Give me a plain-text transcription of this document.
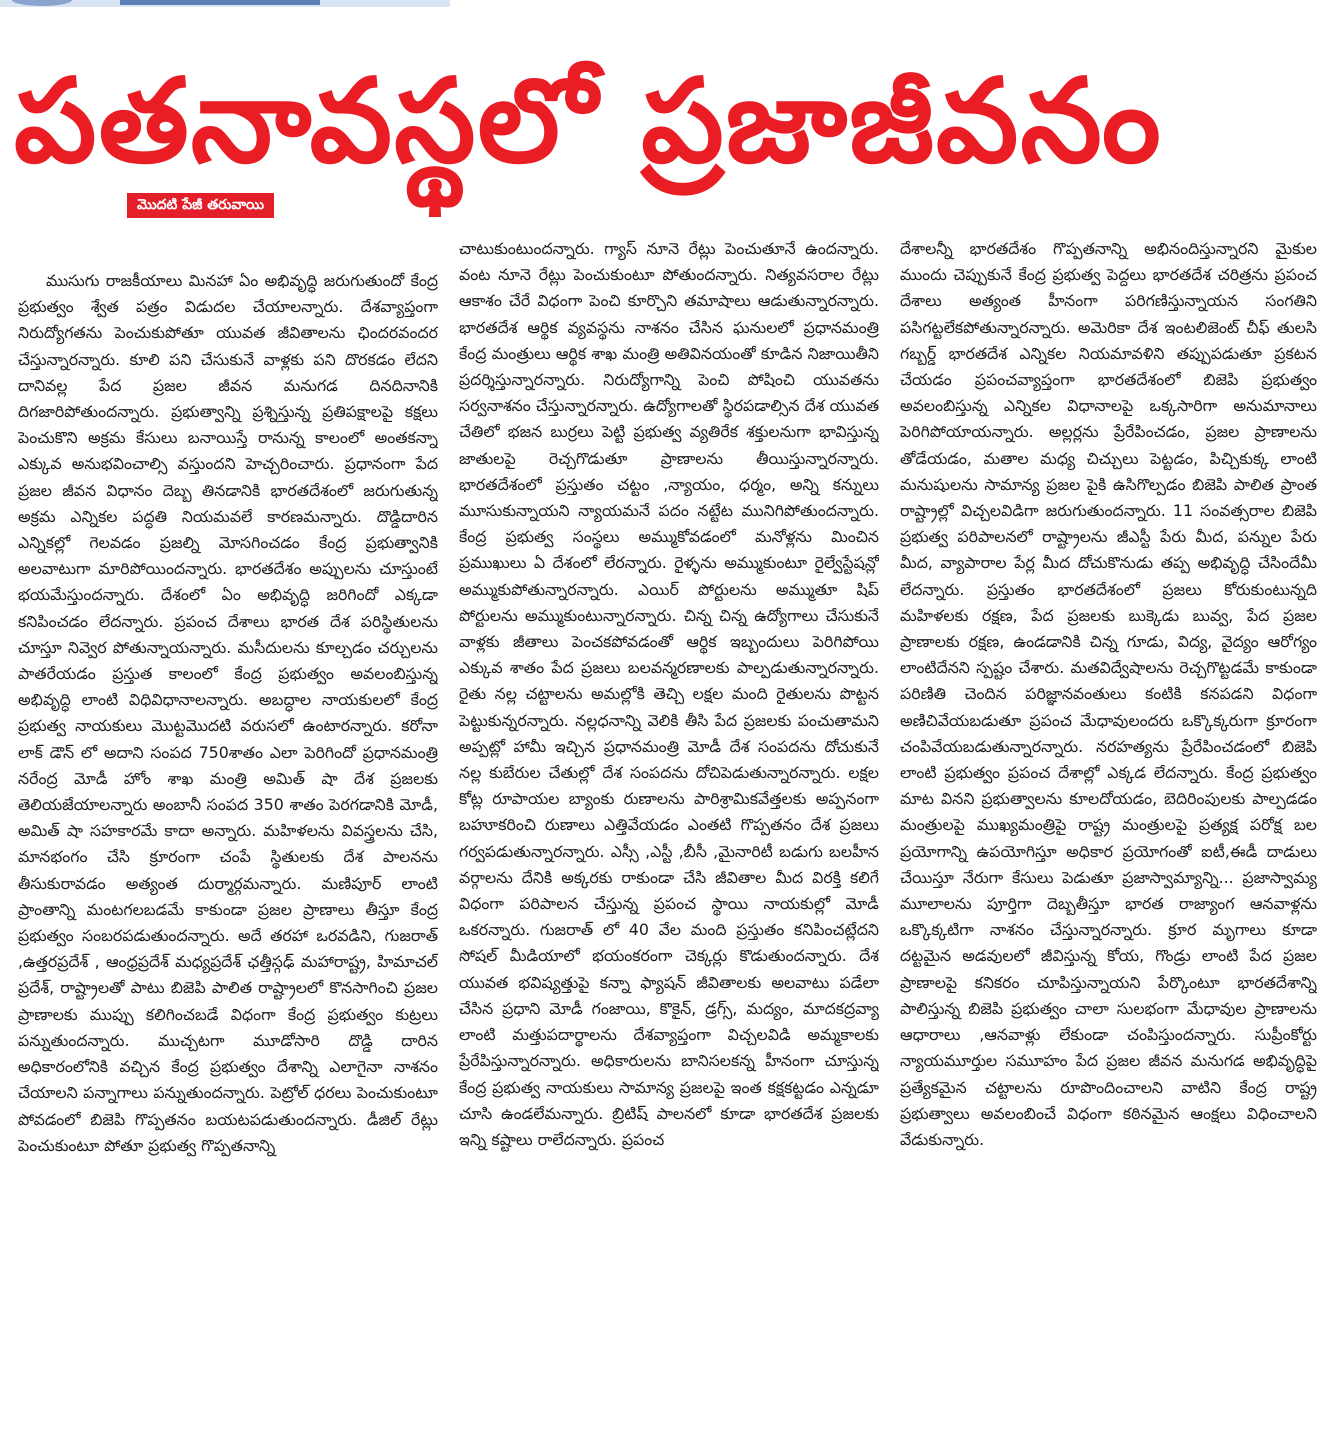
పతనావస్థలో ప్రజాజీవనం
మొదటి పేజీ తరువాయి
ముసుగు రాజకీయాలు మినహా ఏం అభివృద్ధి జరుగుతుందో కేంద్ర ప్రభుత్వం శ్వేత పత్రం విడుదల చేయాలన్నారు. దేశవ్యాప్తంగా నిరుద్యోగతను పెంచుకుపోతూ యువత జీవితాలను ఛిందరవందర చేస్తున్నారన్నారు. కూలి పని చేసుకునే వాళ్లకు పని దొరకడం లేదని దానివల్ల పేద ప్రజల జీవన మనుగడ దినదినానికి దిగజారిపోతుందన్నారు. ప్రభుత్వాన్ని ప్రశ్నిస్తున్న ప్రతిపక్షాలపై కక్షలు పెంచుకొని అక్రమ కేసులు బనాయిస్తే రానున్న కాలంలో అంతకన్నా ఎక్కువ అనుభవించాల్సి వస్తుందని హెచ్చరించారు. ప్రధానంగా పేద ప్రజల జీవన విధానం దెబ్బ తినడానికి భారతదేశంలో జరుగుతున్న అక్రమ ఎన్నికల పద్ధతి నియమవలే కారణమన్నారు. దొడ్డిదారిన ఎన్నికల్లో గెలవడం ప్రజల్ని మోసగించడం కేంద్ర ప్రభుత్వానికి అలవాటుగా మారిపోయిందన్నారు. భారతదేశం అప్పులను చూస్తుంటే భయమేస్తుందన్నారు. దేశంలో ఏం అభివృద్ధి జరిగిందో ఎక్కడా కనిపించడం లేదన్నారు. ప్రపంచ దేశాలు భారత దేశ పరిస్థితులను చూస్తూ నివ్వెర పోతున్నాయన్నారు. మసీదులను కూల్చడం చర్చులను పాతరేయడం ప్రస్తుత కాలంలో కేంద్ర ప్రభుత్వం అవలంబిస్తున్న అభివృద్ధి లాంటి విధివిధానాలన్నారు. అబద్ధాల నాయకులలో కేంద్ర ప్రభుత్వ నాయకులు మొట్టమొదటి వరుసలో ఉంటారన్నారు. కరోనా లాక్ డౌన్ లో అదాని సంపద 750శాతం ఎలా పెరిగిందో ప్రధానమంత్రి నరేంద్ర మోడీ హోం శాఖ మంత్రి అమిత్ షా దేశ ప్రజలకు తెలియజేయాలన్నారు అంబానీ సంపద 350 శాతం పెరగడానికి మోడీ, అమిత్ షా సహకారమే కాదా అన్నారు. మహిళలను వివస్త్రలను చేసి, మానభంగం చేసి క్రూరంగా చంపే స్థితులకు దేశ పాలనను తీసుకురావడం అత్యంత దుర్మార్గమన్నారు. మణిపూర్ లాంటి ప్రాంతాన్ని మంటగలబడమే కాకుండా ప్రజల ప్రాణాలు తీస్తూ కేంద్ర ప్రభుత్వం సంబరపడుతుందన్నారు. అదే తరహా ఒరవడిని, గుజరాత్ ,ఉత్తరప్రదేశ్ , ఆంధ్రప్రదేశ్ మధ్యప్రదేశ్ ఛత్తీస్గఢ్ మహారాష్ట్ర, హిమాచల్ ప్రదేశ్, రాష్ట్రాలతో పాటు బిజెపి పాలిత రాష్ట్రాలలో కొనసాగించి ప్రజల ప్రాణాలకు ముప్పు కలిగించబడే విధంగా కేంద్ర ప్రభుత్వం కుట్రలు పన్నుతుందన్నారు. ముచ్చటగా మూడోసారి దొడ్డి దారిన అధికారంలోనికి వచ్చిన కేంద్ర ప్రభుత్వం దేశాన్ని ఎలాగైనా నాశనం చేయాలని పన్నాగాలు పన్నుతుందన్నారు. పెట్రోల్ ధరలు పెంచుకుంటూ పోవడంలో బిజెపి గొప్పతనం బయటపడుతుందన్నారు. డీజిల్ రేట్లు పెంచుకుంటూ పోతూ ప్రభుత్వ గొప్పతనాన్ని
చాటుకుంటుందన్నారు. గ్యాస్ నూనె రేట్లు పెంచుతూనే ఉందన్నారు. వంట నూనె రేట్లు పెంచుకుంటూ పోతుందన్నారు. నిత్యవసరాల రేట్లు ఆకాశం చేరే విధంగా పెంచి కూర్చొని తమాషాలు ఆడుతున్నారన్నారు. భారతదేశ ఆర్థిక వ్యవస్థను నాశనం చేసిన ఘనులలో ప్రధానమంత్రి కేంద్ర మంత్రులు ఆర్థిక శాఖ మంత్రి అతివినయంతో కూడిన నిజాయితీని ప్రదర్శిస్తున్నారన్నారు. నిరుద్యోగాన్ని పెంచి పోషించి యువతను సర్వనాశనం చేస్తున్నారన్నారు. ఉద్యోగాలతో స్థిరపడాల్సిన దేశ యువత చేతిలో భజన బుర్రలు పెట్టి ప్రభుత్వ వ్యతిరేక శక్తులనుగా భావిస్తున్న జాతులపై రెచ్చగొడుతూ ప్రాణాలను తీయిస్తున్నారన్నారు. భారతదేశంలో ప్రస్తుతం చట్టం ,న్యాయం, ధర్మం, అన్ని కన్నులు మూసుకున్నాయని న్యాయమనే పదం నట్టేట మునిగిపోతుందన్నారు. కేంద్ర ప్రభుత్వ సంస్థలు అమ్ముకోవడంలో మనోళ్లను మించిన ప్రముఖులు ఏ దేశంలో లేరన్నారు. రైళ్ళను అమ్ముకుంటూ రైల్వేస్టేషన్లో అమ్ముకుపోతున్నారన్నారు. ఎయిర్ పోర్టులను అమ్ముతూ షిప్ పోర్టులను అమ్ముకుంటున్నారన్నారు. చిన్న చిన్న ఉద్యోగాలు చేసుకునే వాళ్లకు జీతాలు పెంచకపోవడంతో ఆర్థిక ఇబ్బందులు పెరిగిపోయి ఎక్కువ శాతం పేద ప్రజలు బలవన్మరణాలకు పాల్పడుతున్నారన్నారు. రైతు నల్ల చట్టాలను అమల్లోకి తెచ్చి లక్షల మంది రైతులను పొట్టన పెట్టుకున్నరన్నారు. నల్లధనాన్ని వెలికి తీసి పేద ప్రజలకు పంచుతామని అప్పట్లో హామీ ఇచ్చిన ప్రధానమంత్రి మోడీ దేశ సంపదను దోచుకునే నల్ల కుబేరుల చేతుల్లో దేశ సంపదను దోచిపెడుతున్నారన్నారు. లక్షల కోట్ల రూపాయల బ్యాంకు రుణాలను పారిశ్రామికవేత్తలకు అప్పనంగా బహూకరించి రుణాలు ఎత్తివేయడం ఎంతటి గొప్పతనం దేశ ప్రజలు గర్వపడుతున్నారన్నారు. ఎస్సీ ,ఎస్టీ ,బీసీ ,మైనారిటీ బడుగు బలహీన వర్గాలను దేనికి అక్కరకు రాకుండా చేసి జీవితాల మీద విరక్తి కలిగే విధంగా పరిపాలన చేస్తున్న ప్రపంచ స్థాయి నాయకుల్లో మోడీ ఒకరన్నారు. గుజరాత్ లో 40 వేల మంది ప్రస్తుతం కనిపించట్లేదని సోషల్ మీడియాలో భయంకరంగా చెక్కర్లు కొడుతుందన్నారు. దేశ యువత భవిష్యత్తుపై కన్నా ఫ్యాషన్ జీవితాలకు అలవాటు పడేలా చేసిన ప్రధాని మోడీ గంజాయి, కొకైన్, డ్రగ్స్, మద్యం, మాదకద్రవ్యా లాంటి మత్తుపదార్థాలను దేశవ్యాప్తంగా విచ్చలవిడి అమ్మకాలకు ప్రేరేపిస్తున్నారన్నారు. అధికారులను బానిసలకన్న హీనంగా చూస్తున్న కేంద్ర ప్రభుత్వ నాయకులు సామాన్య ప్రజలపై ఇంత కక్షకట్టడం ఎన్నడూ చూసి ఉండలేమన్నారు. బ్రిటిష్ పాలనలో కూడా భారతదేశ ప్రజలకు ఇన్ని కష్టాలు రాలేదన్నారు. ప్రపంచ
దేశాలన్నీ భారతదేశం గొప్పతనాన్ని అభినందిస్తున్నారని మైకుల ముందు చెప్పుకునే కేంద్ర ప్రభుత్వ పెద్దలు భారతదేశ చరిత్రను ప్రపంచ దేశాలు అత్యంత హీనంగా పరిగణిస్తున్నాయన సంగతిని పసిగట్టలేకపోతున్నారన్నారు. అమెరికా దేశ ఇంటలిజెంట్ చీఫ్ తులసి గబ్బర్డ్ భారతదేశ ఎన్నికల నియమావళిని తప్పుపడుతూ ప్రకటన చేయడం ప్రపంచవ్యాప్తంగా భారతదేశంలో బిజెపి ప్రభుత్వం అవలంబిస్తున్న ఎన్నికల విధానాలపై ఒక్కసారిగా అనుమానాలు పెరిగిపోయాయన్నారు. అల్లర్లను ప్రేరేపించడం, ప్రజల ప్రాణాలను తోడేయడం, మతాల మధ్య చిచ్చులు పెట్టడం, పిచ్చికుక్క లాంటి మనుషులను సామాన్య ప్రజల పైకి ఉసిగొల్పడం బిజెపి పాలిత ప్రాంత రాష్ట్రాల్లో విచ్చలవిడిగా జరుగుతుందన్నారు. 11 సంవత్సరాల బిజెపి ప్రభుత్వ పరిపాలనలో రాష్ట్రాలను జీఎస్టీ పేరు మీద, పన్నుల పేరు మీద, వ్యాపారాల పేర్ల మీద దోచుకొనుడు తప్ప అభివృద్ధి చేసిందేమీ లేదన్నారు. ప్రస్తుతం భారతదేశంలో ప్రజలు కోరుకుంటున్నది మహిళలకు రక్షణ, పేద ప్రజలకు బుక్కెడు బువ్వ, పేద ప్రజల ప్రాణాలకు రక్షణ, ఉండడానికి చిన్న గూడు, విద్య, వైద్యం ఆరోగ్యం లాంటిదేనని స్పష్టం చేశారు. మతవిద్వేషాలను రెచ్చగొట్టడమే కాకుండా పరిణితి చెందిన పరిజ్ఞానవంతులు కంటికి కనపడని విధంగా అణిచివేయబడుతూ ప్రపంచ మేధావులందరు ఒక్కొక్కరుగా క్రూరంగా చంపివేయబడుతున్నారన్నారు. నరహత్యను ప్రేరేపించడంలో బిజెపి లాంటి ప్రభుత్వం ప్రపంచ దేశాల్లో ఎక్కడ లేదన్నారు. కేంద్ర ప్రభుత్వం మాట వినని ప్రభుత్వాలను కూలదోయడం, బెదిరింపులకు పాల్పడడం మంత్రులపై ముఖ్యమంత్రిపై రాష్ట్ర మంత్రులపై ప్రత్యక్ష పరోక్ష బల ప్రయోగాన్ని ఉపయోగిస్తూ అధికార ప్రయోగంతో ఐటీ,ఈడీ దాడులు చేయిస్తూ నేరుగా కేసులు పెడుతూ ప్రజాస్వామ్యాన్ని... ప్రజాస్వామ్య మూలాలను పూర్తిగా దెబ్బతీస్తూ భారత రాజ్యాంగ ఆనవాళ్లను ఒక్కొక్కటిగా నాశనం చేస్తున్నారన్నారు. క్రూర మృగాలు కూడా దట్టమైన అడవులలో జీవిస్తున్న కోయ, గొండ్రు లాంటి పేద ప్రజల ప్రాణాలపై కనికరం చూపిస్తున్నాయని పేర్కొంటూ భారతదేశాన్ని పాలిస్తున్న బిజెపి ప్రభుత్వం చాలా సులభంగా మేధావుల ప్రాణాలను ఆధారాలు ,ఆనవాళ్లు లేకుండా చంపిస్తుందన్నారు. సుప్రీంకోర్టు న్యాయమూర్తుల సమూహం పేద ప్రజల జీవన మనుగడ అభివృద్ధిపై ప్రత్యేకమైన చట్టాలను రూపొందించాలని వాటిని కేంద్ర రాష్ట్ర ప్రభుత్వాలు అవలంబించే విధంగా కఠినమైన ఆంక్షలు విధించాలని వేడుకున్నారు.
